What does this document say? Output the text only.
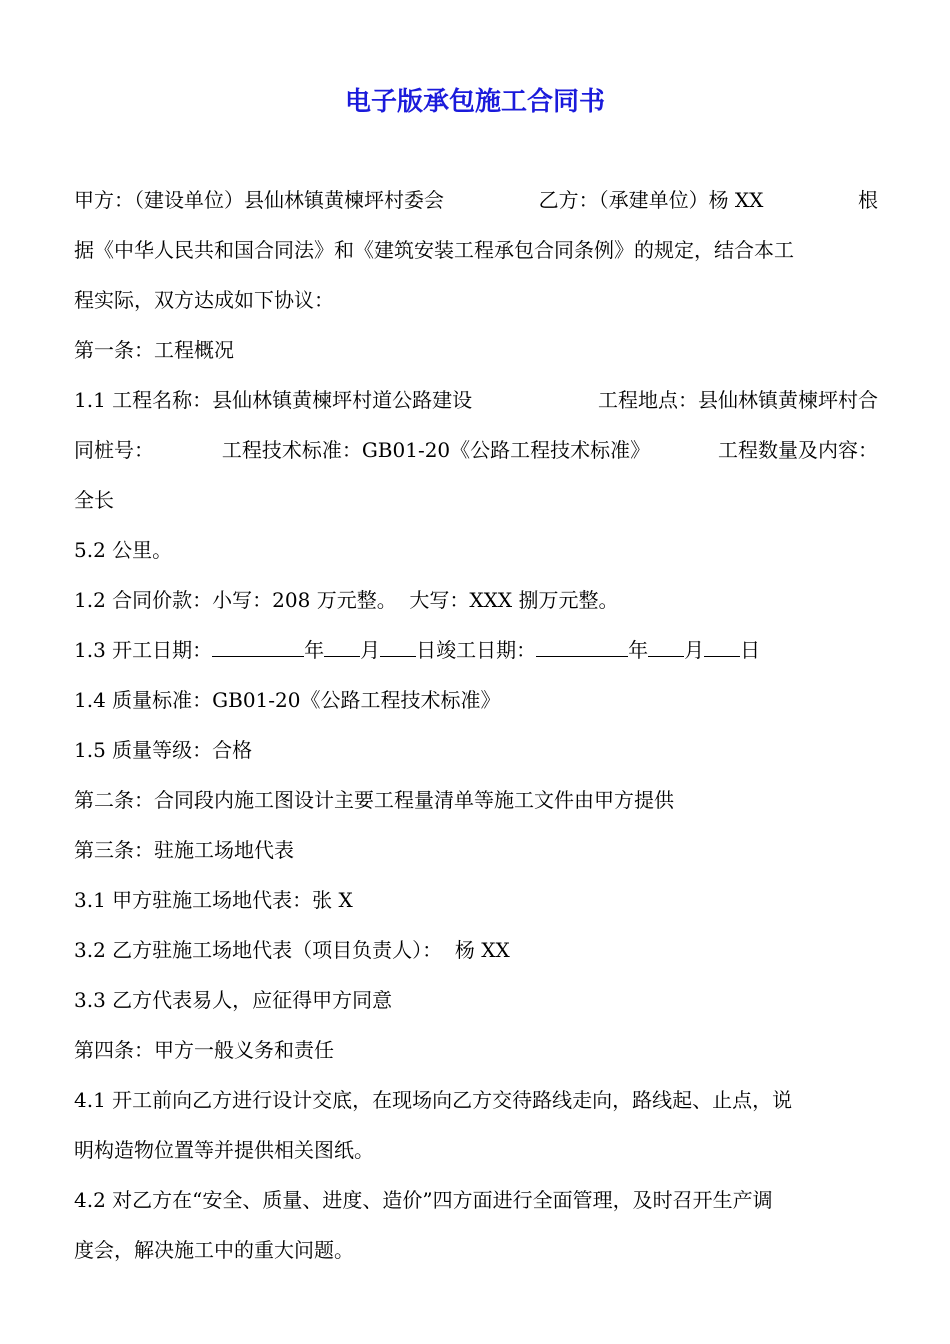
电子版承包施工合同书
甲方：（建设单位）县仙林镇黄楝坪村委会	乙方：（承建单位）杨 XX	根
据《中华人民共和国合同法》和《建筑安装工程承包合同条例》的规定，结合本工
程实际，双方达成如下协议：
第一条：工程概况
1.1 工程名称：县仙林镇黄楝坪村道公路建设	工程地点：县仙林镇黄楝坪村合
同桩号：	工程技术标准：GB01-20《公路工程技术标准》	工程数量及内容：
全长
5.2 公里。
1.2 合同价款：小写：208 万元整。  大写：XXX 捌万元整。
1.3 开工日期：	年 月 日竣工日期：	年 月 日
1.4 质量标准：GB01-20《公路工程技术标准》
1.5 质量等级：合格
第二条：合同段内施工图设计主要工程量清单等施工文件由甲方提供
第三条：驻施工场地代表
3.1 甲方驻施工场地代表：张 X
3.2 乙方驻施工场地代表（项目负责人）：  杨 XX
3.3 乙方代表易人，应征得甲方同意
第四条：甲方一般义务和责任
4.1 开工前向乙方进行设计交底，在现场向乙方交待路线走向，路线起、止点，说
明构造物位置等并提供相关图纸。
4.2 对乙方在“安全、质量、进度、造价”四方面进行全面管理，及时召开生产调
度会，解决施工中的重大问题。
